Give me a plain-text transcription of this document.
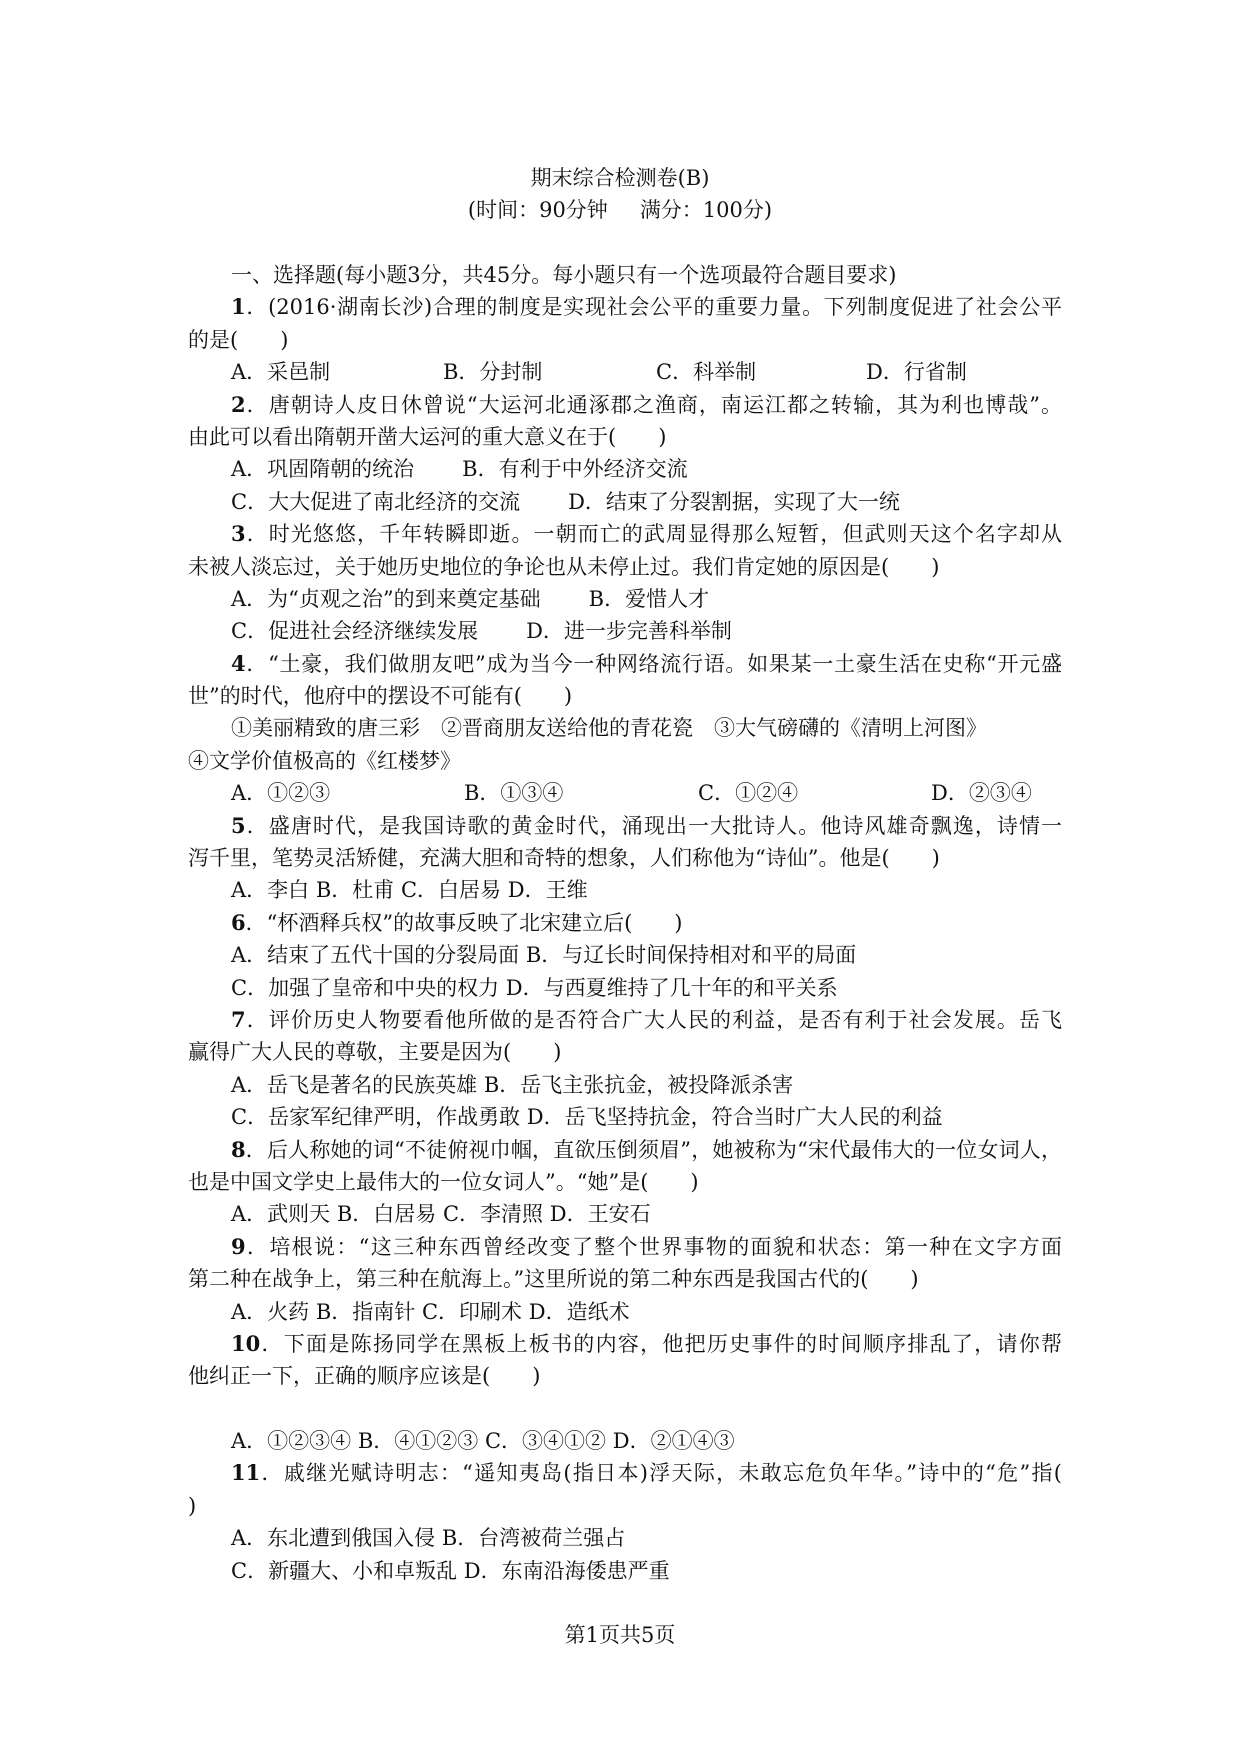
期末综合检测卷(B)
(时间：90分钟 满分：100分)
一、选择题(每小题3分，共45分。每小题只有一个选项最符合题目要求)
1．(2016·湖南长沙)合理的制度是实现社会公平的重要力量。下列制度促进了社会公平
的是(　　)
A．采邑制	B．分封制	C．科举制	D．行省制
2．唐朝诗人皮日休曾说“大运河北通涿郡之渔商，南运江都之转输，其为利也博哉”。
由此可以看出隋朝开凿大运河的重大意义在于(　　)
A．巩固隋朝的统治 B．有利于中外经济交流
C．大大促进了南北经济的交流 D．结束了分裂割据，实现了大一统
3．时光悠悠，千年转瞬即逝。一朝而亡的武周显得那么短暂，但武则天这个名字却从
未被人淡忘过，关于她历史地位的争论也从未停止过。我们肯定她的原因是(　　)
A．为“贞观之治”的到来奠定基础 B．爱惜人才
C．促进社会经济继续发展 D．进一步完善科举制
4．“土豪，我们做朋友吧”成为当今一种网络流行语。如果某一土豪生活在史称“开元盛
世”的时代，他府中的摆设不可能有(　　)
①美丽精致的唐三彩　②晋商朋友送给他的青花瓷　③大气磅礴的《清明上河图》
④文学价值极高的《红楼梦》
A．①②③	B．①③④	C．①②④	D．②③④
5．盛唐时代，是我国诗歌的黄金时代，涌现出一大批诗人。他诗风雄奇飘逸，诗情一
泻千里，笔势灵活矫健，充满大胆和奇特的想象，人们称他为“诗仙”。他是(　　)
A．李白 B．杜甫 C．白居易 D．王维
6．“杯酒释兵权”的故事反映了北宋建立后(　　)
A．结束了五代十国的分裂局面 B．与辽长时间保持相对和平的局面
C．加强了皇帝和中央的权力 D．与西夏维持了几十年的和平关系
7．评价历史人物要看他所做的是否符合广大人民的利益，是否有利于社会发展。岳飞
赢得广大人民的尊敬，主要是因为(　　)
A．岳飞是著名的民族英雄 B．岳飞主张抗金，被投降派杀害
C．岳家军纪律严明，作战勇敢 D．岳飞坚持抗金，符合当时广大人民的利益
8．后人称她的词“不徒俯视巾帼，直欲压倒须眉”，她被称为“宋代最伟大的一位女词人，
也是中国文学史上最伟大的一位女词人”。“她”是(　　)
A．武则天 B．白居易 C．李清照 D．王安石
9．培根说：“这三种东西曾经改变了整个世界事物的面貌和状态：第一种在文字方面
第二种在战争上，第三种在航海上。”这里所说的第二种东西是我国古代的(　　)
A．火药 B．指南针 C．印刷术 D．造纸术
10．下面是陈扬同学在黑板上板书的内容，他把历史事件的时间顺序排乱了，请你帮
他纠正一下，正确的顺序应该是(　　)
A．①②③④ B．④①②③ C．③④①② D．②①④③
11．戚继光赋诗明志：“遥知夷岛(指日本)浮天际，未敢忘危负年华。”诗中的“危”指(
)
A．东北遭到俄国入侵 B．台湾被荷兰强占
C．新疆大、小和卓叛乱 D．东南沿海倭患严重
第1页共5页
